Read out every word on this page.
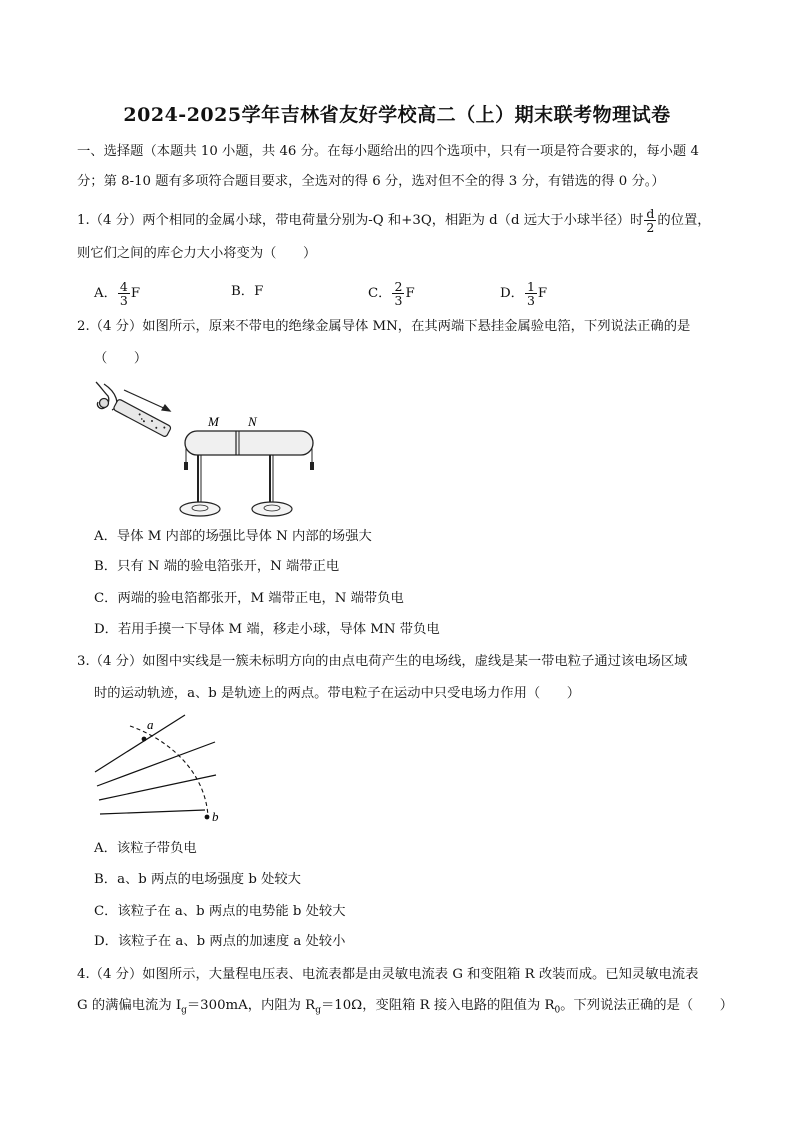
2024-2025学年吉林省友好学校高二（上）期末联考物理试卷
一、选择题（本题共 10 小题，共 46 分。在每小题给出的四个选项中，只有一项是符合要求的，每小题 4
分；第 8-10 题有多项符合题目要求，全选对的得 6 分，选对但不全的得 3 分，有错选的得 0 分。）
1.（4 分）两个相同的金属小球，带电荷量分别为-Q 和+3Q，相距为 d（d 远大于小球半径）时 $\frac{d}{2}$ 的位置，
则它们之间的库仑力大小将变为（　　）
A． $\frac{4}{3}$ F	B．F	C． $\frac{2}{3}$ F	D． $\frac{1}{3}$ F
2.（4 分）如图所示，原来不带电的绝缘金属导体 MN，在其两端下悬挂金属验电箔，下列说法正确的是
（　　）
M N
A．导体 M 内部的场强比导体 N 内部的场强大
B．只有 N 端的验电箔张开，N 端带正电
C．两端的验电箔都张开，M 端带正电，N 端带负电
D．若用手摸一下导体 M 端，移走小球，导体 MN 带负电
3.（4 分）如图中实线是一簇未标明方向的由点电荷产生的电场线，虚线是某一带电粒子通过该电场区域
时的运动轨迹，a、b 是轨迹上的两点。带电粒子在运动中只受电场力作用（　　）
a
b
A．该粒子带负电
B．a、b 两点的电场强度 b 处较大
C．该粒子在 a、b 两点的电势能 b 处较大
D．该粒子在 a、b 两点的加速度 a 处较小
4.（4 分）如图所示，大量程电压表、电流表都是由灵敏电流表 G 和变阻箱 R 改装而成。已知灵敏电流表
G 的满偏电流为 $I_g=300mA$，内阻为 $R_g=10\Omega$，变阻箱 R 接入电路的阻值为 $R_0$。下列说法正确的是（　　）
